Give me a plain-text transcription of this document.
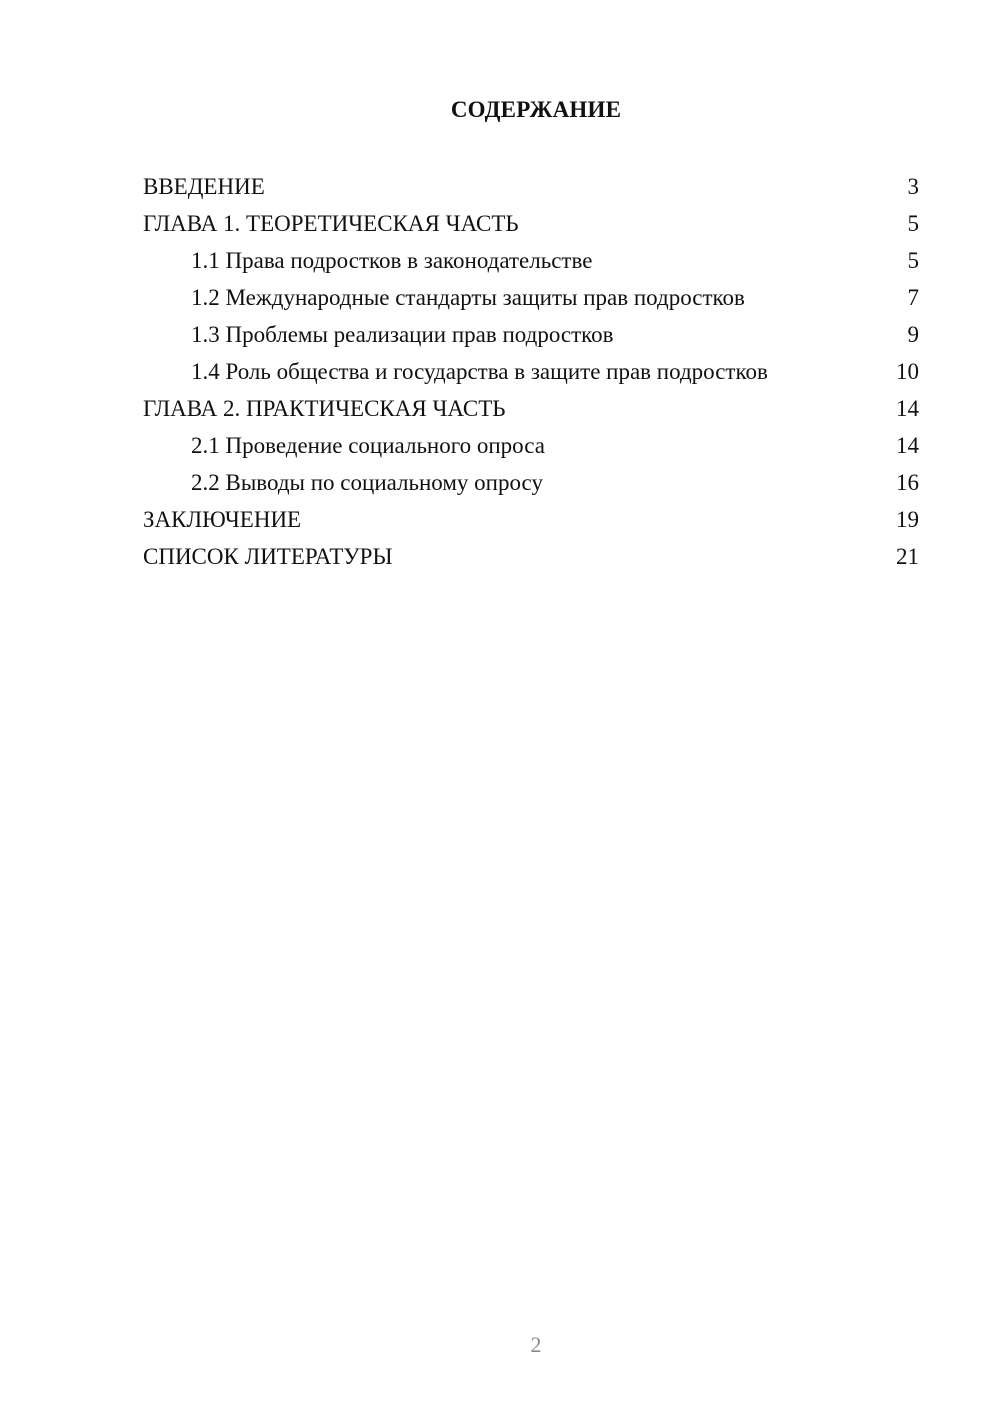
СОДЕРЖАНИЕ
ВВЕДЕНИЕ	3
ГЛАВА 1. ТЕОРЕТИЧЕСКАЯ ЧАСТЬ	5
1.1 Права подростков в законодательстве	5
1.2 Международные стандарты защиты прав подростков	7
1.3 Проблемы реализации прав подростков	9
1.4 Роль общества и государства в защите прав подростков	10
ГЛАВА 2. ПРАКТИЧЕСКАЯ ЧАСТЬ	14
2.1 Проведение социального опроса	14
2.2 Выводы по социальному опросу	16
ЗАКЛЮЧЕНИЕ	19
СПИСОК ЛИТЕРАТУРЫ	21
2
